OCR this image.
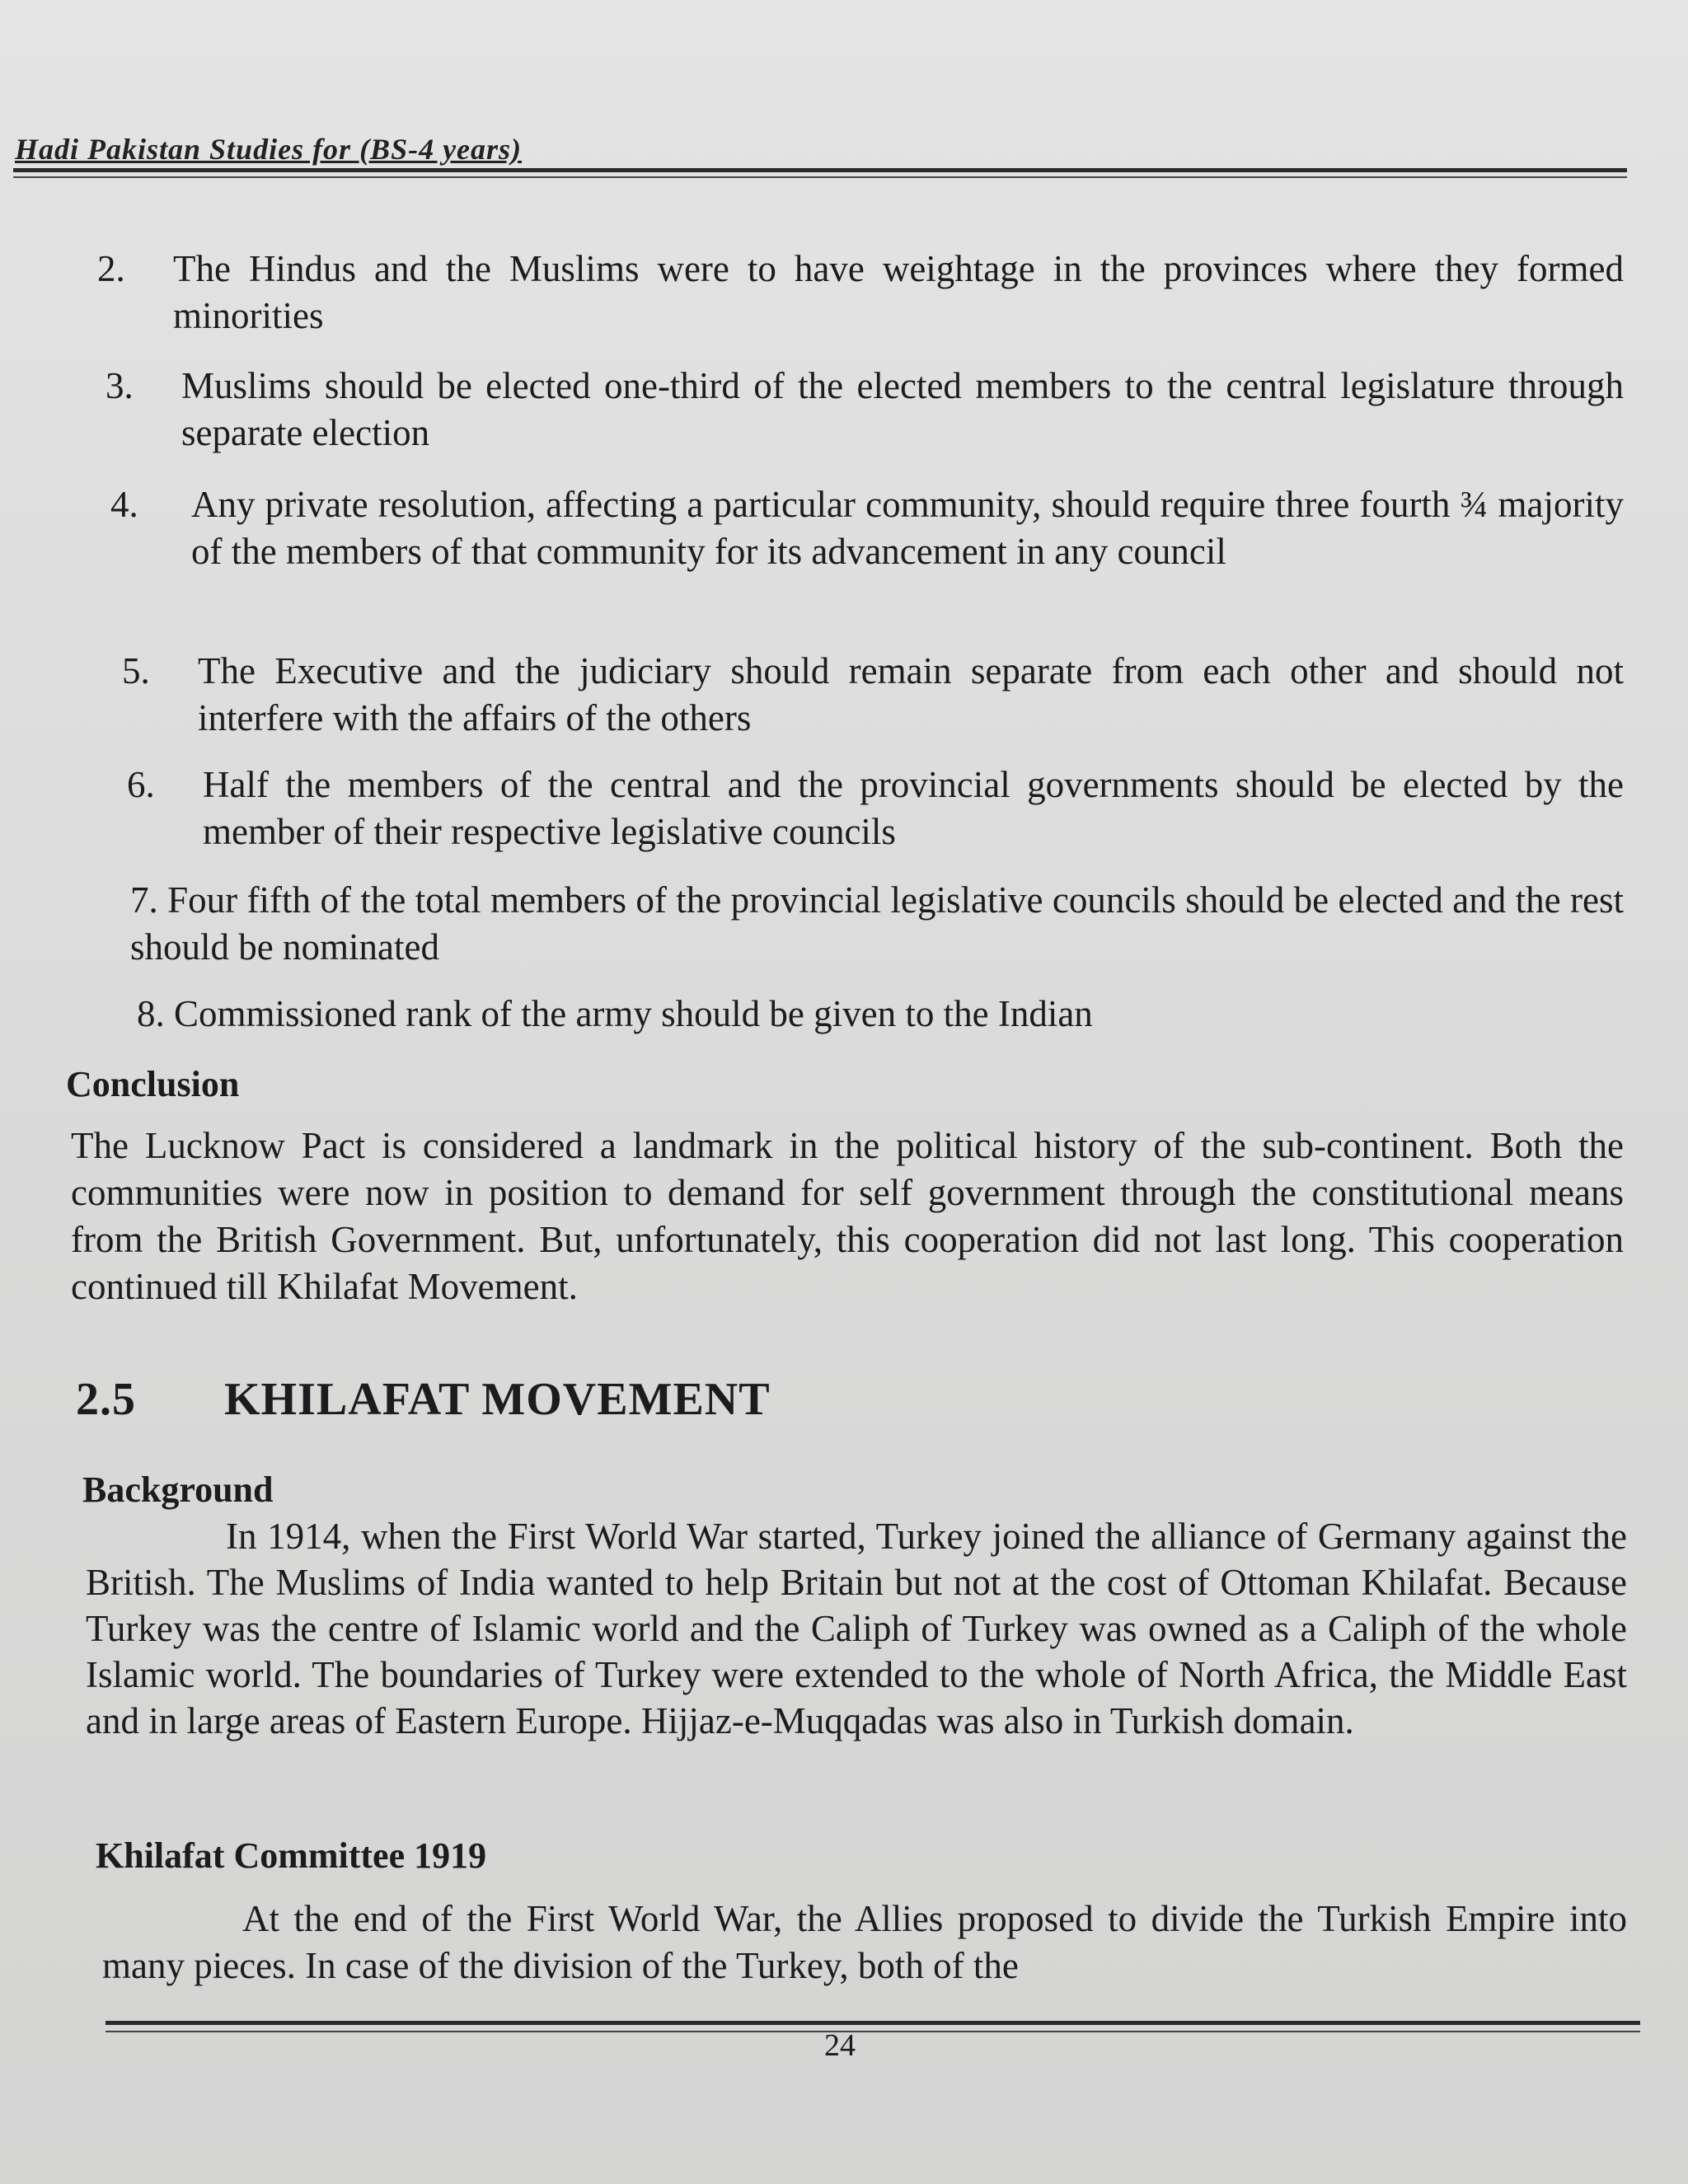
Hadi Pakistan Studies for (BS-4 years)
2.	The Hindus and the Muslims were to have weightage in the provinces where they formed minorities
3.	Muslims should be elected one-third of the elected members to the central legislature through separate election
4.	Any private resolution, affecting a particular community, should require three fourth ¾ majority of the members of that community for its advancement in any council
5.	The Executive and the judiciary should remain separate from each other and should not interfere with the affairs of the others
6.	Half the members of the central and the provincial governments should be elected by the member of their respective legislative councils
7. Four fifth of the total members of the provincial legislative councils should be elected and the rest should be nominated
8. Commissioned rank of the army should be given to the Indian
Conclusion
The Lucknow Pact is considered a landmark in the political history of the sub-continent. Both the communities were now in position to demand for self government through the constitutional means from the British Government. But, unfortunately, this cooperation did not last long. This cooperation continued till Khilafat Movement.
2.5 KHILAFAT MOVEMENT
Background
In 1914, when the First World War started, Turkey joined the alliance of Germany against the British. The Muslims of India wanted to help Britain but not at the cost of Ottoman Khilafat. Because Turkey was the centre of Islamic world and the Caliph of Turkey was owned as a Caliph of the whole Islamic world. The boundaries of Turkey were extended to the whole of North Africa, the Middle East and in large areas of Eastern Europe. Hijjaz-e-Muqqadas was also in Turkish domain.
Khilafat Committee 1919
At the end of the First World War, the Allies proposed to divide the Turkish Empire into many pieces. In case of the division of the Turkey, both of the
24
